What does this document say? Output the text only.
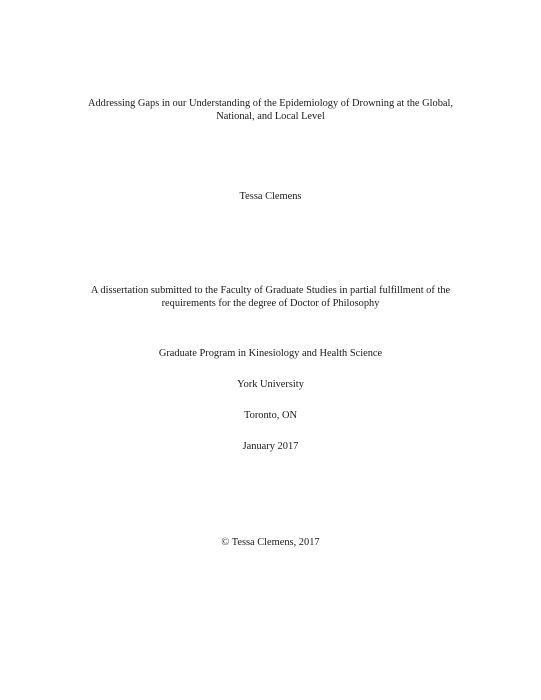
Addressing Gaps in our Understanding of the Epidemiology of Drowning at the Global,
National, and Local Level
Tessa Clemens
A dissertation submitted to the Faculty of Graduate Studies in partial fulfillment of the
requirements for the degree of Doctor of Philosophy
Graduate Program in Kinesiology and Health Science
York University
Toronto, ON
January 2017
© Tessa Clemens, 2017
